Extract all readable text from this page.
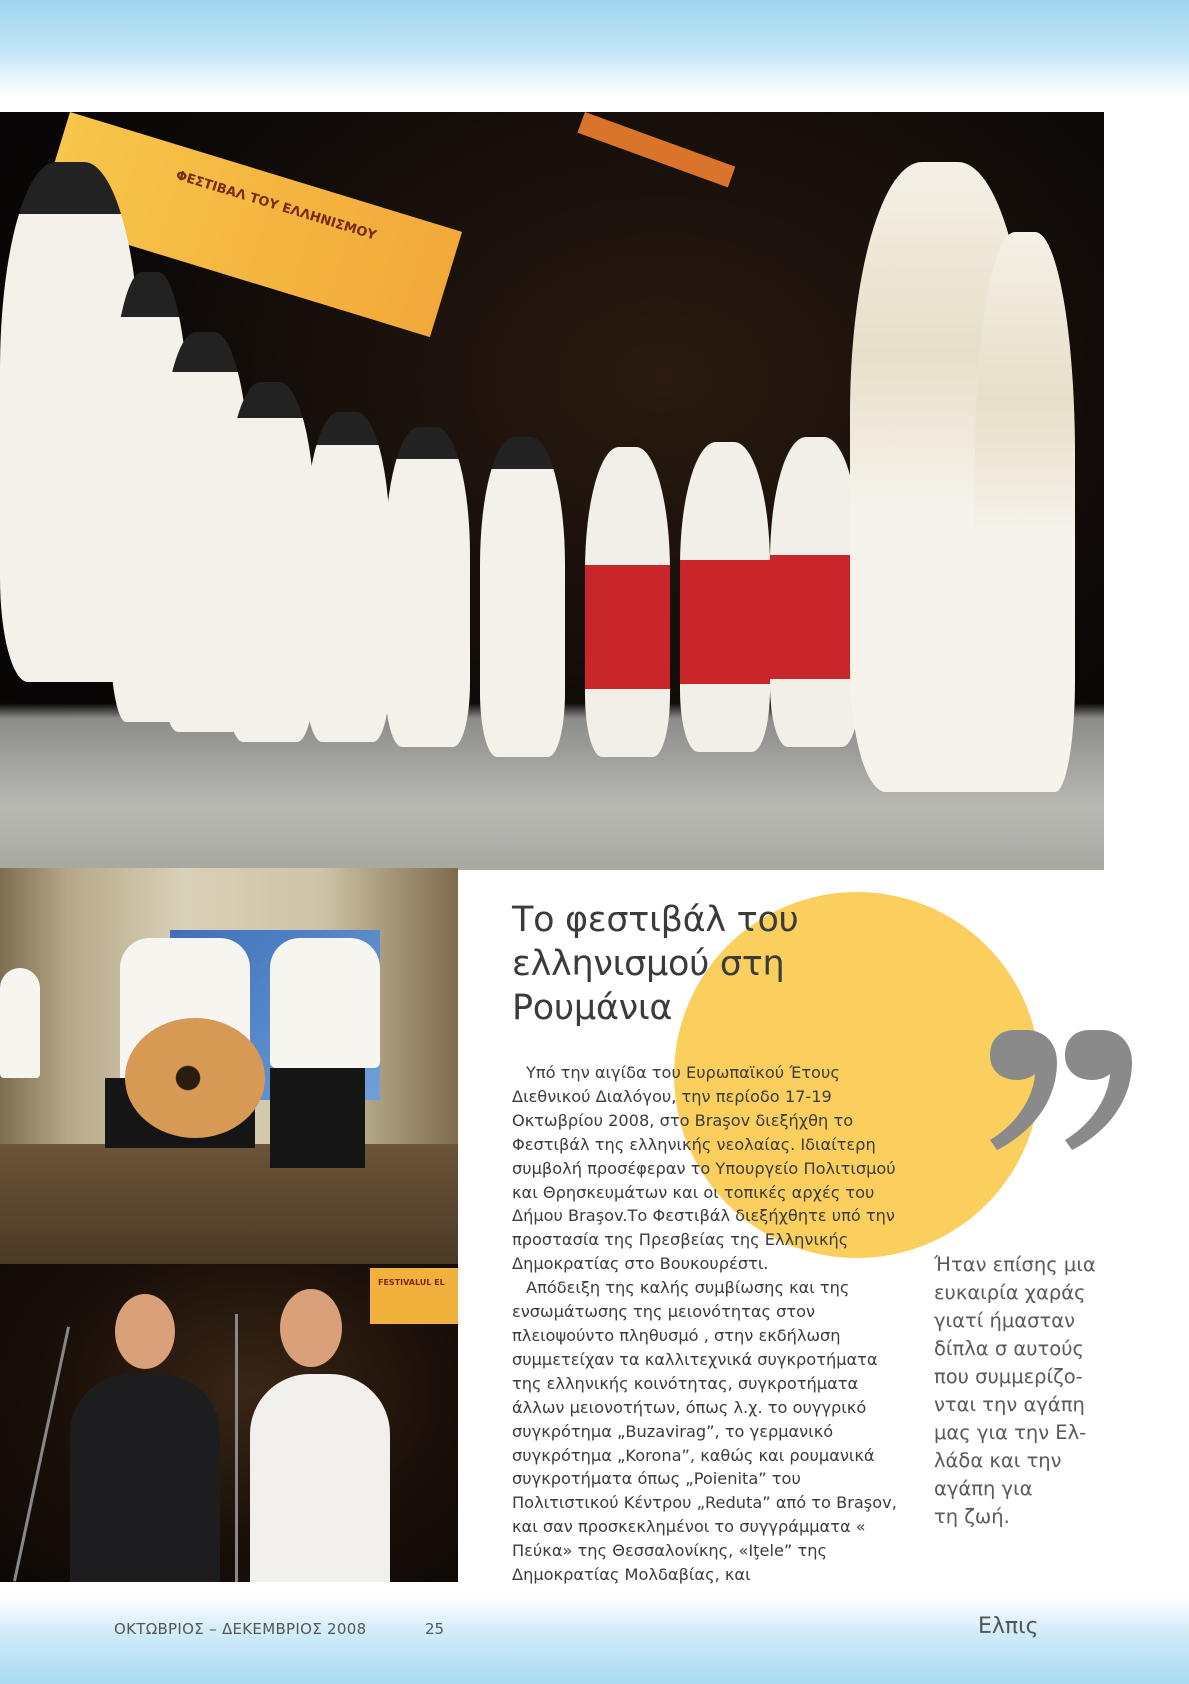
ΦΕΣΤΙΒΑΛ ΤΟΥ ΕΛΛΗΝΙΣΜΟΥ
FESTIVALUL EL
Το φεστιβάλ του ελληνισμού στη Ρουμάνια

Υπό την αιγίδα του Ευρωπαϊκού Έτους Διεθνικού Διαλόγου, την περίοδο 17-19 Οκτωβρίου 2008, στο Braşov διεξήχθη το Φεστιβάλ της ελληνικής νεολαίας. Ιδιαίτερη συμβολή προσέφεραν το Υπουργείο Πολιτισμού και Θρησκευμάτων και οι τοπικές αρχές του Δήμου Braşov.Το Φεστιβάλ διεξήχθητε υπό την προστασία της Πρεσβείας της Ελληνικής Δημοκρατίας στο Βουκουρέστι.

Απόδειξη της καλής συμβίωσης και της ενσωμάτωσης της μειονότητας στον πλειοψούντο πληθυσμό , στην εκδήλωση συμμετείχαν τα καλλιτεχνικά συγκροτήματα της ελληνικής κοινότητας, συγκροτήματα άλλων μειονοτήτων, όπως λ.χ. το ουγγρικό συγκρότημα „Buzavirag”, το γερμανικό συγκρότημα „Korona”, καθώς και ρουμανικά συγκροτήματα όπως „Poienita” του Πολιτιστικού Κέντρου „Reduta” από το Braşov, και σαν προσκεκλημένοι το συγγράμματα « Πεύκα» της Θεσσαλονίκης, «Iţele” της Δημοκρατίας Μολδαβίας, και

Ήταν επίσης μια
ευκαιρία χαράς
γιατί ήμασταν
δίπλα σ αυτούς
που συμμερίζο-
νται την αγάπη
μας για την Ελ-
λάδα και την
αγάπη για
τη ζωή.
ΟΚΤΩΒΡΙΟΣ – ΔΕΚΕΜΒΡΙΟΣ 2008	25	Ελπις
